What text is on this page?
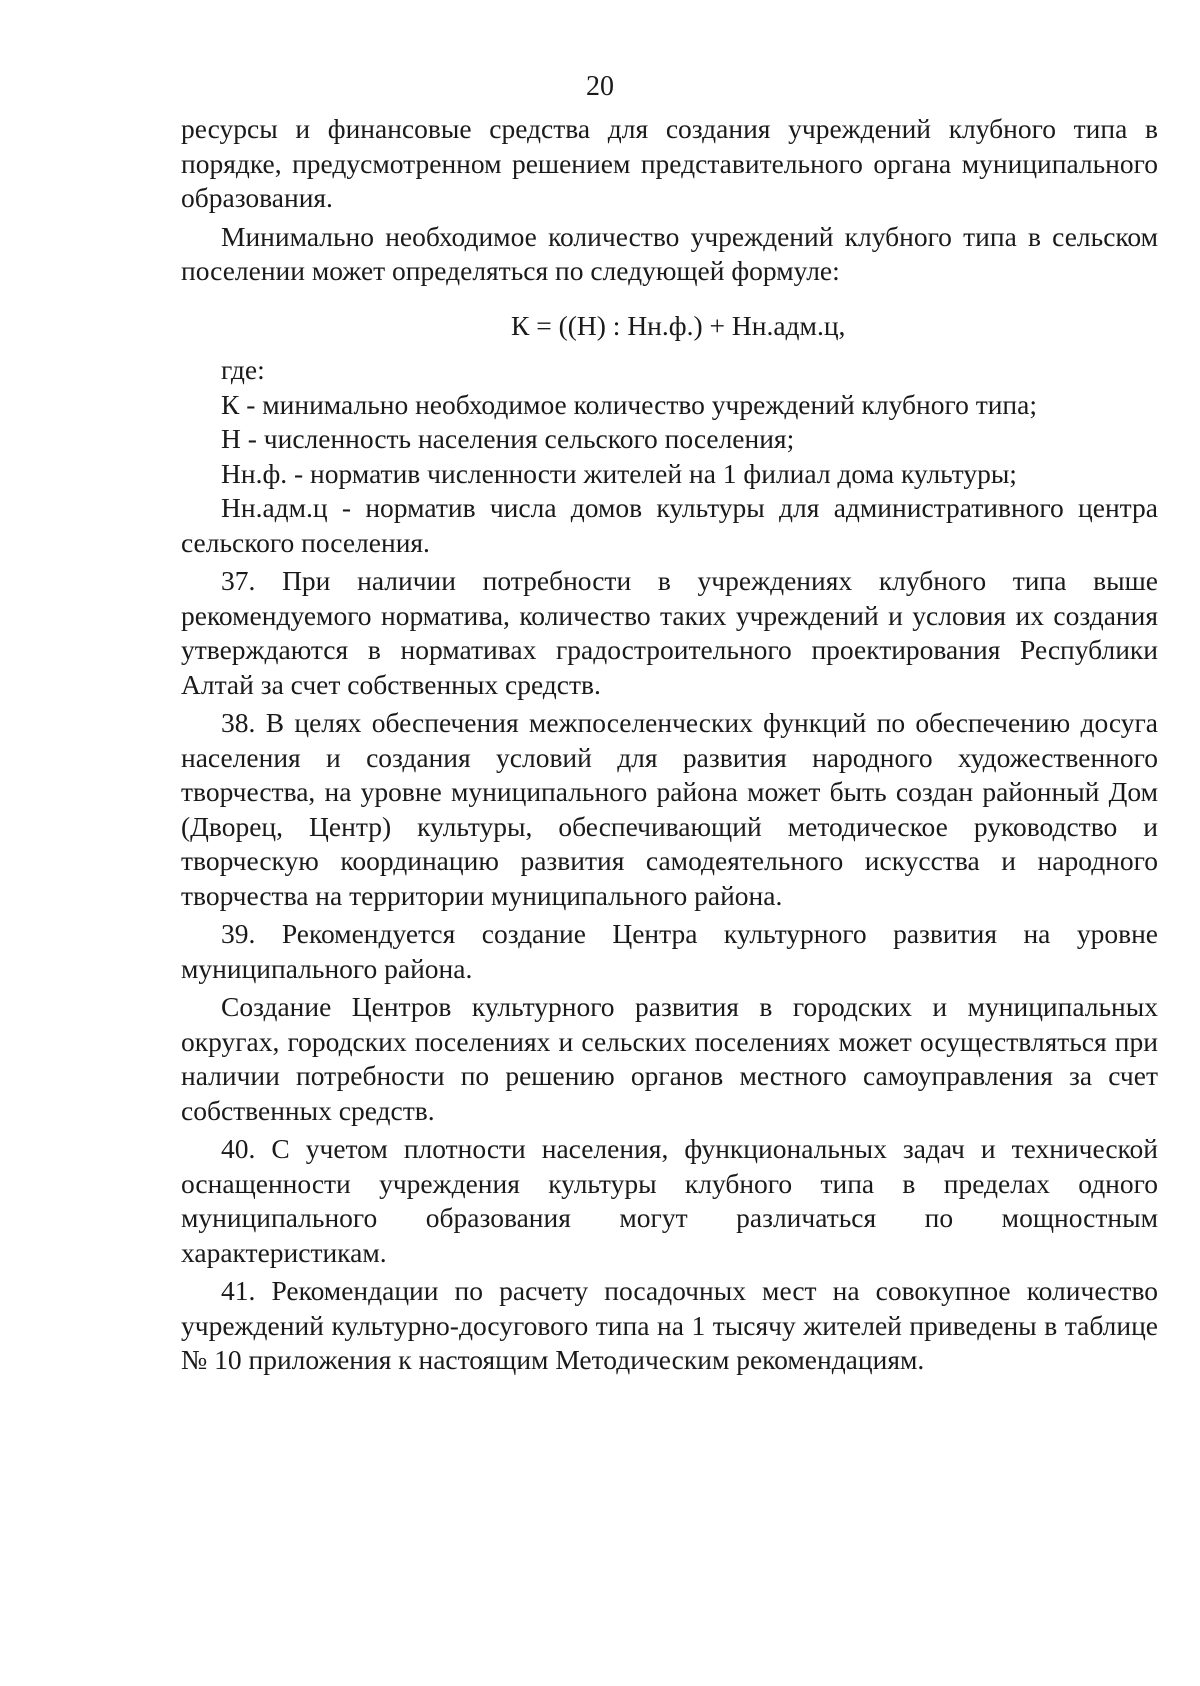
20

ресурсы и финансовые средства для создания учреждений клубного типа в порядке, предусмотренном решением представительного органа муниципального образования.

Минимально необходимое количество учреждений клубного типа в сельском поселении может определяться по следующей формуле:

К = ((Н) : Нн.ф.) + Нн.адм.ц,

где:

К - минимально необходимое количество учреждений клубного типа;

Н - численность населения сельского поселения;

Нн.ф. - норматив численности жителей на 1 филиал дома культуры;

Нн.адм.ц - норматив числа домов культуры для административного центра сельского поселения.

37. При наличии потребности в учреждениях клубного типа выше рекомендуемого норматива, количество таких учреждений и условия их создания утверждаются в нормативах градостроительного проектирования Республики Алтай за счет собственных средств.

38. В целях обеспечения межпоселенческих функций по обеспечению досуга населения и создания условий для развития народного художественного творчества, на уровне муниципального района может быть создан районный Дом (Дворец, Центр) культуры, обеспечивающий методическое руководство и творческую координацию развития самодеятельного искусства и народного творчества на территории муниципального района.

39. Рекомендуется создание Центра культурного развития на уровне муниципального района.

Создание Центров культурного развития в городских и муниципальных округах, городских поселениях и сельских поселениях может осуществляться при наличии потребности по решению органов местного самоуправления за счет собственных средств.

40. С учетом плотности населения, функциональных задач и технической оснащенности учреждения культуры клубного типа в пределах одного муниципального образования могут различаться по мощностным характеристикам.

41. Рекомендации по расчету посадочных мест на совокупное количество учреждений культурно-досугового типа на 1 тысячу жителей приведены в таблице № 10 приложения к настоящим Методическим рекомендациям.
